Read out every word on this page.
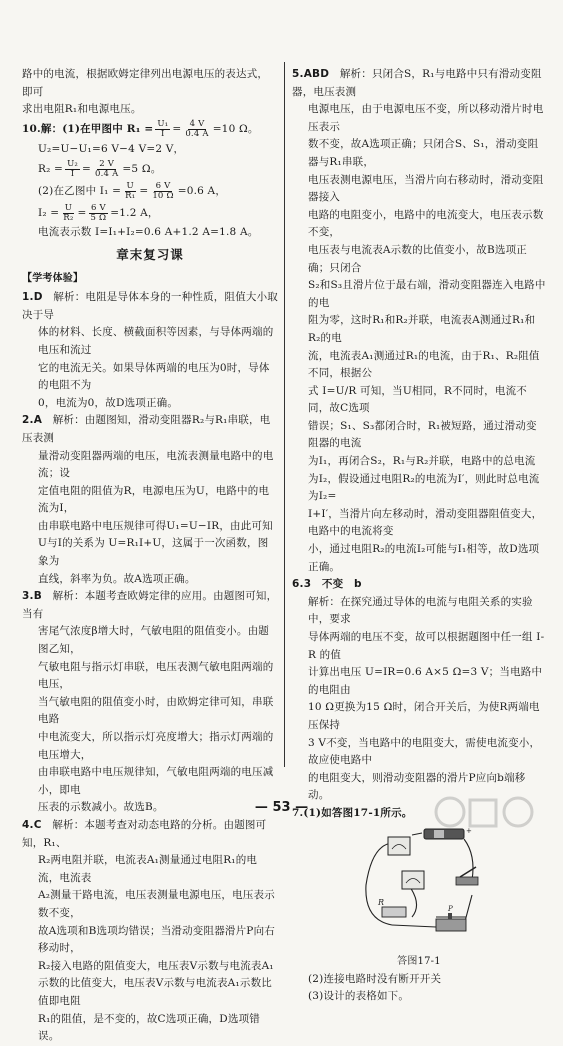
路中的电流，根据欧姆定律列出电源电压的表达式，即可
求出电阻R₁和电源电压。
10.解：(1)在甲图中 $R_1 = \frac{\text{U₁}}{I} = \frac{4 V}{0.4 A} =10$ Ω。
U₂=U−U₁=6 V−4 V=2 V，
$R_2 = \frac{\text{U₂}}{I} = \frac{2 V}{0.4 A} =5$ Ω。
(2)在乙图中 $I_1 = \frac{U}{\text{R₁}} = \frac{6 V}{10 \Omega} =0.6$ A，
$I_2 = \frac{U}{\text{R₂}} = \frac{6 V}{5 \Omega} =1.2$ A，
电流表示数 I=I₁+I₂=0.6 A+1.2 A=1.8 A。
章末复习课
【学考体验】
1.D　解析：电阻是导体本身的一种性质，阻值大小取决于导
体的材料、长度、横截面积等因素，与导体两端的电压和流过
它的电流无关。如果导体两端的电压为0时，导体的电阻不为
0，电流为0，故D选项正确。
2.A　解析：由题图知，滑动变阻器R₂与R₁串联，电压表测
量滑动变阻器两端的电压，电流表测量电路中的电流；设
定值电阻的阻值为R，电源电压为U，电路中的电流为I，
由串联电路中电压规律可得U₁=U−IR，由此可知
U与I的关系为 U=R₁I+U，这属于一次函数，图象为
直线，斜率为负。故A选项正确。
3.B　解析：本题考查欧姆定律的应用。由题图可知，当有
害尾气浓度β增大时，气敏电阻的阻值变小。由题图乙知，
气敏电阻与指示灯串联，电压表测气敏电阻两端的电压，
当气敏电阻的阻值变小时，由欧姆定律可知，串联电路
中电流变大，所以指示灯亮度增大；指示灯两端的电压增大，
由串联电路中电压规律知，气敏电阻两端的电压减小，即电
压表的示数减小。故选B。
4.C　解析：本题考查对动态电路的分析。由题图可知，R₁、
R₂两电阻并联，电流表A₁测量通过电阻R₁的电流，电流表
A₂测量干路电流，电压表测量电源电压，电压表示数不变，
故A选项和B选项均错误；当滑动变阻器滑片P向右移动时，
R₂接入电路的阻值变大，电压表V示数与电流表A₁
示数的比值变大，电压表V示数与电流表A₁示数比值即电阻
R₁的阻值，是不变的，故C选项正确，D选项错误。
5.ABD　解析：只闭合S，R₁与电路中只有滑动变阻器，电压表测
电源电压，由于电源电压不变，所以移动滑片时电压表示
数不变，故A选项正确；只闭合S、S₁，滑动变阻器与R₁串联，
电压表测电源电压，当滑片向右移动时，滑动变阻器接入
电路的电阻变小，电路中的电流变大，电压表示数不变，
电压表与电流表A示数的比值变小，故B选项正确；只闭合
S₂和S₃且滑片位于最右端，滑动变阻器连入电路中的电
阻为零，这时R₁和R₂并联，电流表A测通过R₁和R₂的电
流，电流表A₁测通过R₁的电流，由于R₁、R₂阻值不同，根据公
式 I=U/R 可知，当U相同，R不同时，电流不同，故C选项
错误；S₁、S₃都闭合时，R₁被短路，通过滑动变阻器的电流
为I₁，再闭合S₂，R₁与R₂并联，电路中的总电流
为I₂，假设通过电阻R₂的电流为I′，则此时总电流为I₂=
I+I′，当滑片向左移动时，滑动变阻器阻值变大，电路中的电流将变
小，通过电阻R₂的电流I₂可能与I₁相等，故D选项正确。
6.3　不变　b
解析：在探究通过导体的电流与电阻关系的实验中，要求
导体两端的电压不变，故可以根据题图中任一组 I-R 的值
计算出电压 U=IR=0.6 A×5 Ω=3 V；当电路中的电阻由
10 Ω更换为15 Ω时，闭合开关后，为使R两端电压保持
3 V不变，当电路中的电阻变大，需使电流变小，故应使电路中
的电阻变大，则滑动变阻器的滑片P应向b端移动。
7.(1)如答图17-1所示。
+
R
P
答图17-1
(2)连接电路时没有断开开关
(3)设计的表格如下。
— 53 —
